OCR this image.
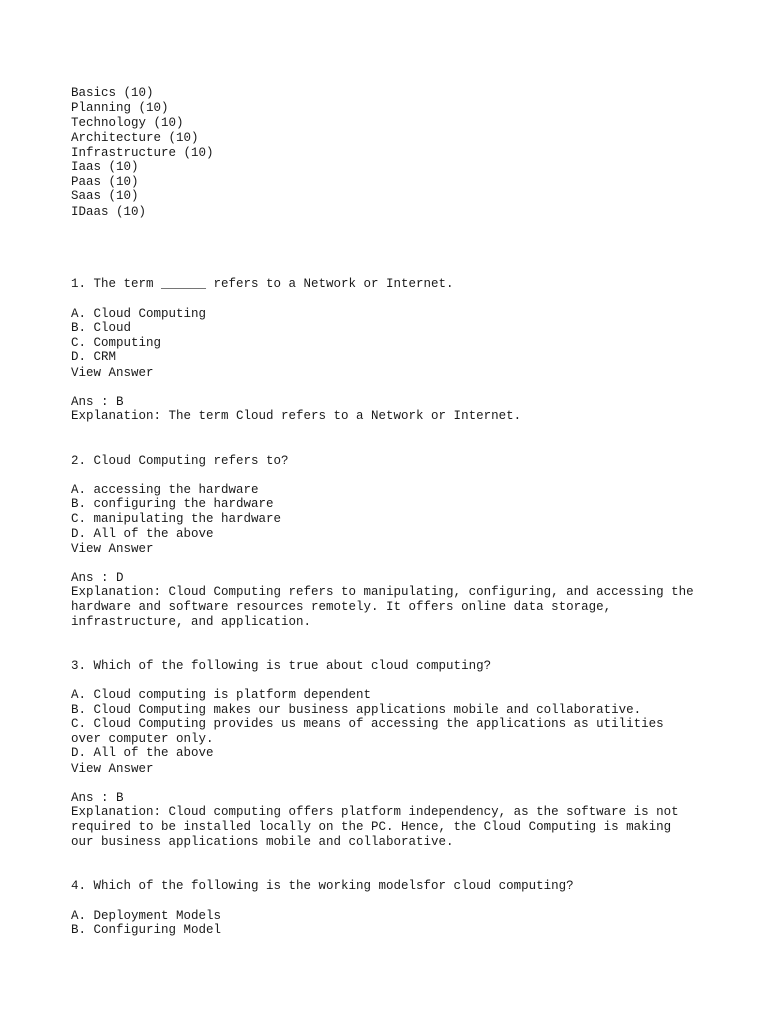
Basics (10)

Planning (10)

Technology (10)

Architecture (10)

Infrastructure (10)

Iaas (10)

Paas (10)

Saas (10)

IDaas (10)

1. The term ______ refers to a Network or Internet.

A. Cloud Computing

B. Cloud

C. Computing

D. CRM

View Answer

Ans : B

Explanation: The term Cloud refers to a Network or Internet.

2. Cloud Computing refers to?

A. accessing the hardware

B. configuring the hardware

C. manipulating the hardware

D. All of the above

View Answer

Ans : D

Explanation: Cloud Computing refers to manipulating, configuring, and accessing the

hardware and software resources remotely. It offers online data storage,

infrastructure, and application.

3. Which of the following is true about cloud computing?

A. Cloud computing is platform dependent

B. Cloud Computing makes our business applications mobile and collaborative.

C. Cloud Computing provides us means of accessing the applications as utilities

over computer only.

D. All of the above

View Answer

Ans : B

Explanation: Cloud computing offers platform independency, as the software is not

required to be installed locally on the PC. Hence, the Cloud Computing is making

our business applications mobile and collaborative.

4. Which of the following is the working modelsfor cloud computing?

A. Deployment Models

B. Configuring Model
